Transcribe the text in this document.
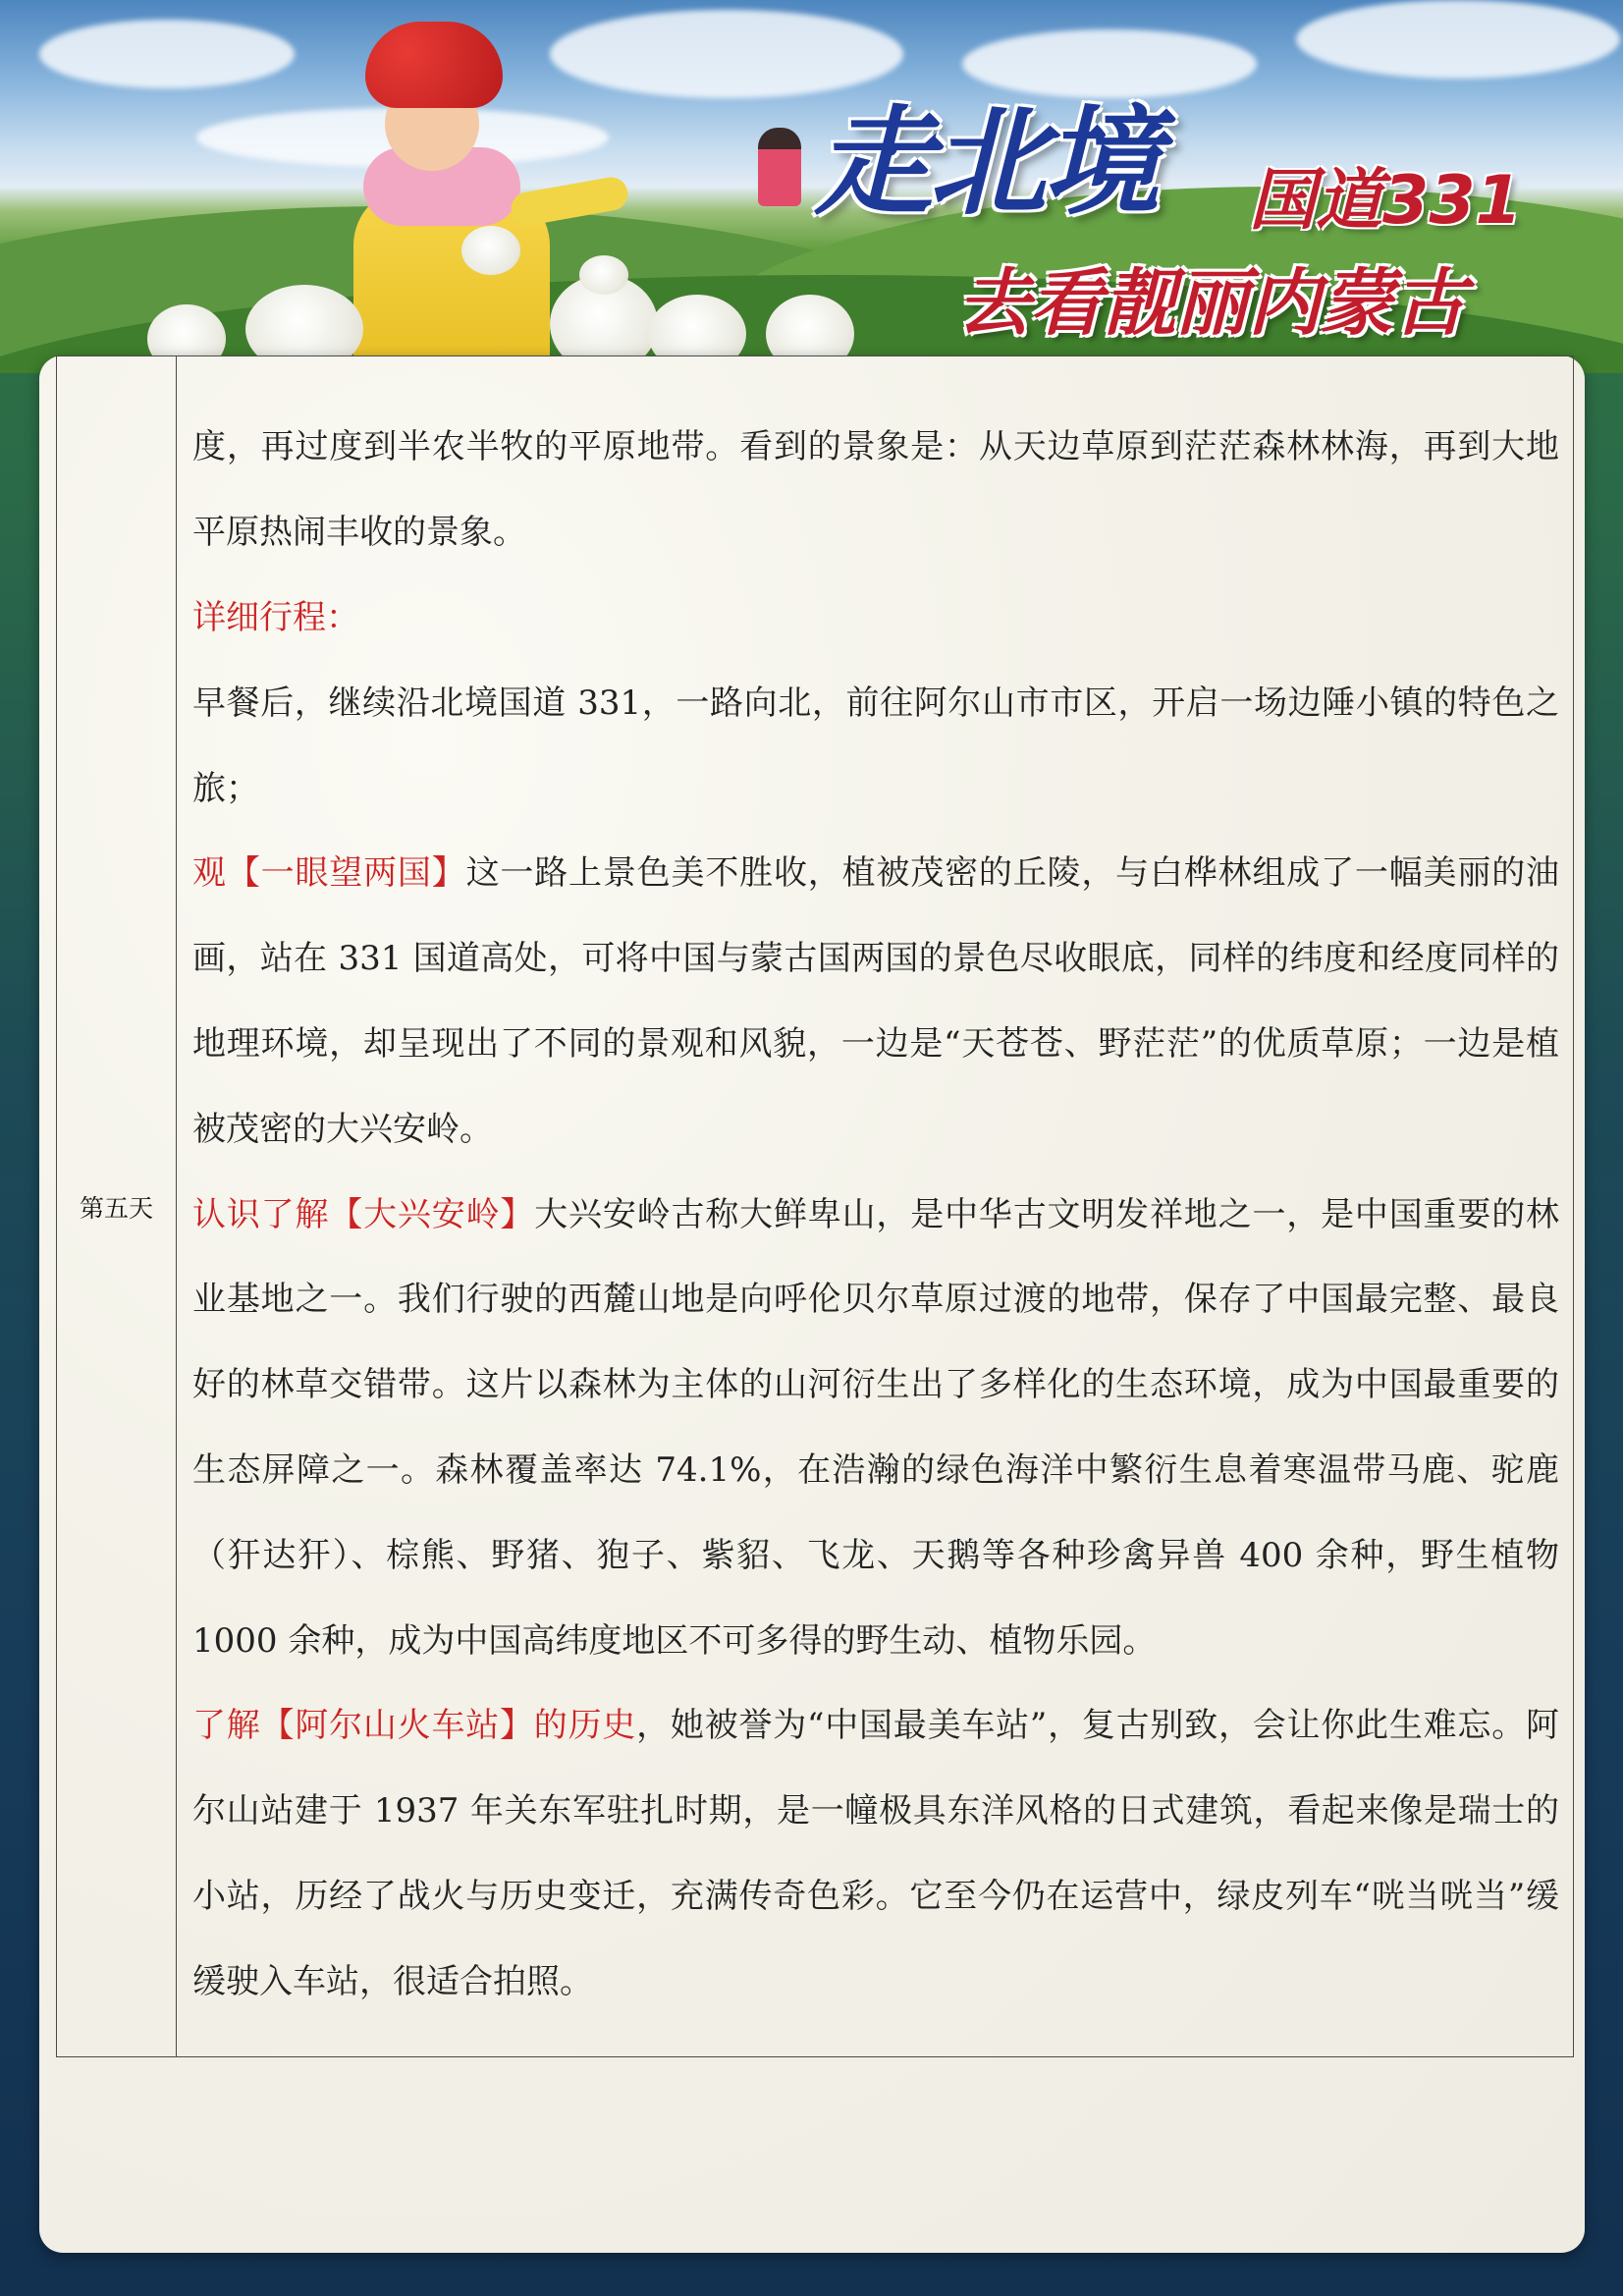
走北境 国道331
去看靓丽内蒙古
第五天	

度，再过度到半农半牧的平原地带。看到的景象是：从天边草原到茫茫森林林海，再到大地平原热闹丰收的景象。

详细行程：

早餐后，继续沿北境国道 331，一路向北，前往阿尔山市市区，开启一场边陲小镇的特色之旅；

观【一眼望两国】这一路上景色美不胜收，植被茂密的丘陵，与白桦林组成了一幅美丽的油画，站在 331 国道高处，可将中国与蒙古国两国的景色尽收眼底，同样的纬度和经度同样的地理环境，却呈现出了不同的景观和风貌，一边是“天苍苍、野茫茫”的优质草原；一边是植被茂密的大兴安岭。

认识了解【大兴安岭】大兴安岭古称大鲜卑山，是中华古文明发祥地之一，是中国重要的林业基地之一。我们行驶的西麓山地是向呼伦贝尔草原过渡的地带，保存了中国最完整、最良好的林草交错带。这片以森林为主体的山河衍生出了多样化的生态环境，成为中国最重要的生态屏障之一。森林覆盖率达 74.1%，在浩瀚的绿色海洋中繁衍生息着寒温带马鹿、驼鹿（犴达犴）、棕熊、野猪、狍子、紫貂、飞龙、天鹅等各种珍禽异兽 400 余种，野生植物 1000 余种，成为中国高纬度地区不可多得的野生动、植物乐园。

了解【阿尔山火车站】的历史，她被誉为“中国最美车站”，复古别致，会让你此生难忘。阿尔山站建于 1937 年关东军驻扎时期，是一幢极具东洋风格的日式建筑，看起来像是瑞士的小站，历经了战火与历史变迁，充满传奇色彩。它至今仍在运营中，绿皮列车“咣当咣当”缓缓驶入车站，很适合拍照。
